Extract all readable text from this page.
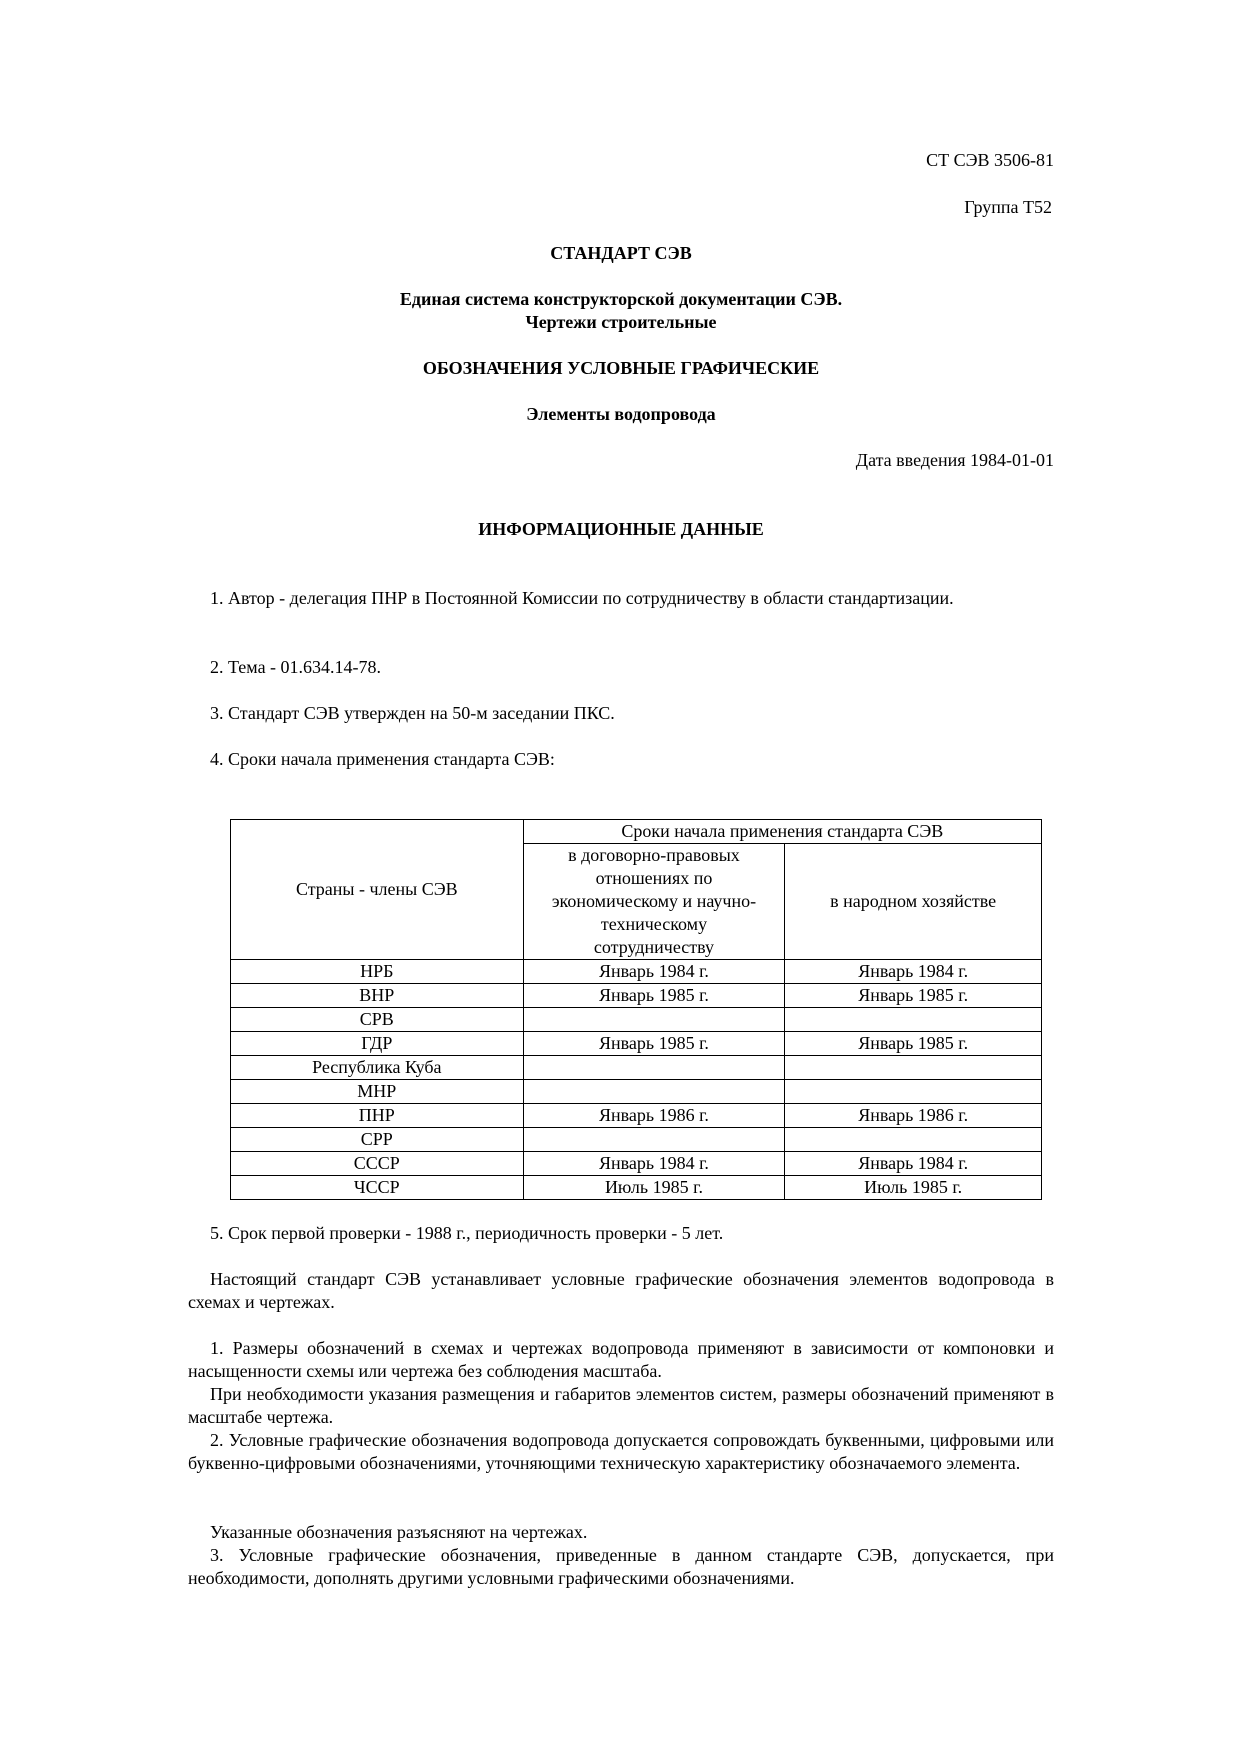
СТ СЭВ 3506-81
Группа Т52
СТАНДАРТ СЭВ
Единая система конструкторской документации СЭВ.
Чертежи строительные
ОБОЗНАЧЕНИЯ УСЛОВНЫЕ ГРАФИЧЕСКИЕ
Элементы водопровода
Дата введения 1984-01-01
ИНФОРМАЦИОННЫЕ ДАННЫЕ
1. Автор - делегация ПНР в Постоянной Комиссии по сотрудничеству в области стандартизации.
2. Тема - 01.634.14-78.
3. Стандарт СЭВ утвержден на 50-м заседании ПКС.
4. Сроки начала применения стандарта СЭВ:
Страны - члены СЭВ	Сроки начала применения стандарта СЭВ	

	в договорно-правовых
отношениях по
экономическому и научно-
техническому
сотрудничеству	в народном хозяйстве
НРБ	Январь 1984 г.	Январь 1984 г.
ВНР	Январь 1985 г.	Январь 1985 г.
СРВ		
ГДР	Январь 1985 г.	Январь 1985 г.
Республика Куба		
МНР		
ПНР	Январь 1986 г.	Январь 1986 г.
СРР		
СССР	Январь 1984 г.	Январь 1984 г.
ЧССР	Июль 1985 г.	Июль 1985 г.
5. Срок первой проверки - 1988 г., периодичность проверки - 5 лет.
Настоящий стандарт СЭВ устанавливает условные графические обозначения элементов водопровода в схемах и чертежах.
1. Размеры обозначений в схемах и чертежах водопровода применяют в зависимости от компоновки и насыщенности схемы или чертежа без соблюдения масштаба.
При необходимости указания размещения и габаритов элементов систем, размеры обозначений применяют в масштабе чертежа.
2. Условные графические обозначения водопровода допускается сопровождать буквенными, цифровыми или буквенно-цифровыми обозначениями, уточняющими техническую характеристику обозначаемого элемента.
Указанные обозначения разъясняют на чертежах.
3. Условные графические обозначения, приведенные в данном стандарте СЭВ, допускается, при необходимости, дополнять другими условными графическими обозначениями.
